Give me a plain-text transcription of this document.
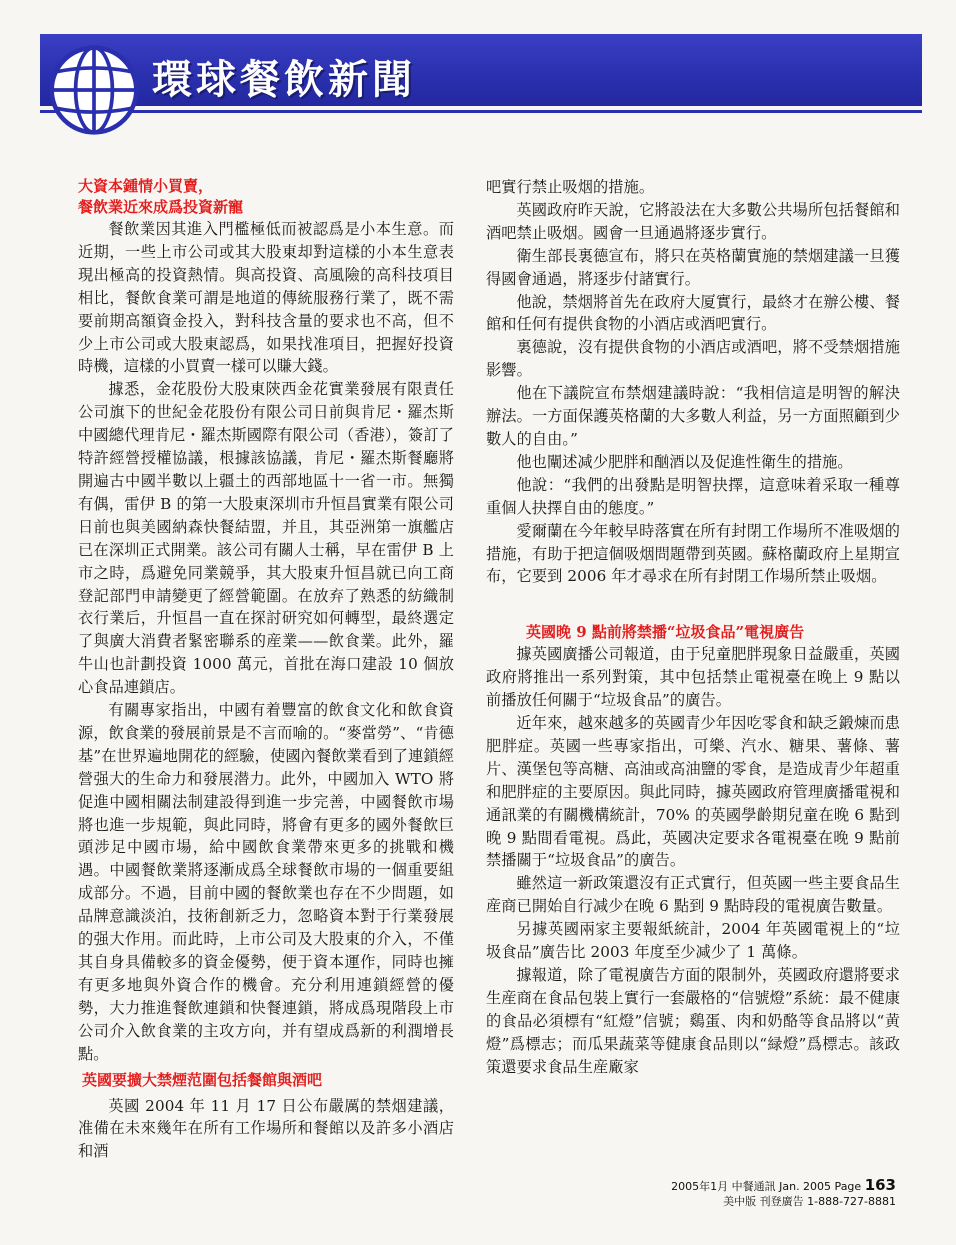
環球餐飲新聞
大資本鍾情小買賣，
餐飲業近來成爲投資新寵

餐飲業因其進入門檻極低而被認爲是小本生意。而近期，一些上市公司或其大股東却對這樣的小本生意表現出極高的投資熱情。與高投資、高風險的高科技項目相比，餐飲食業可謂是地道的傳統服務行業了，既不需要前期高額資金投入，對科技含量的要求也不高，但不少上市公司或大股東認爲，如果找准項目，把握好投資時機，這樣的小買賣一樣可以賺大錢。

據悉，金花股份大股東陝西金花實業發展有限責任公司旗下的世紀金花股份有限公司日前與肯尼・羅杰斯中國總代理肯尼・羅杰斯國際有限公司（香港），簽訂了特許經營授權協議，根據該協議，肯尼・羅杰斯餐廳將開遍古中國半數以上疆土的西部地區十一省一市。無獨有偶，雷伊 B 的第一大股東深圳市升恒昌實業有限公司日前也與美國納森快餐結盟，并且，其亞洲第一旗艦店已在深圳正式開業。該公司有關人士稱，早在雷伊 B 上市之時，爲避免同業競爭，其大股東升恒昌就已向工商登記部門申請變更了經營範圍。在放弃了熟悉的紡織制衣行業后，升恒昌一直在探討研究如何轉型，最終選定了與廣大消費者緊密聯系的産業——飲食業。此外，羅牛山也計劃投資 1000 萬元，首批在海口建設 10 個放心食品連鎖店。

有關專家指出，中國有着豐富的飲食文化和飲食資源，飲食業的發展前景是不言而喻的。“麥當勞”、“肯德基”在世界遍地開花的經驗，使國內餐飲業看到了連鎖經營强大的生命力和發展潜力。此外，中國加入 WTO 將促進中國相關法制建設得到進一步完善，中國餐飲市場將也進一步規範，與此同時，將會有更多的國外餐飲巨頭涉足中國市場，給中國飲食業帶來更多的挑戰和機遇。中國餐飲業將逐漸成爲全球餐飲市場的一個重要組成部分。不過，目前中國的餐飲業也存在不少問題，如品牌意識淡泊，技術創新乏力，忽略資本對于行業發展的强大作用。而此時，上市公司及大股東的介入，不僅其自身具備較多的資金優勢，便于資本運作，同時也擁有更多地與外資合作的機會。充分利用連鎖經營的優勢，大力推進餐飲連鎖和快餐連鎖，將成爲現階段上市公司介入飲食業的主攻方向，并有望成爲新的利潤增長點。

英國要擴大禁煙范圍包括餐館與酒吧

英國 2004 年 11 月 17 日公布嚴厲的禁烟建議，准備在未來幾年在所有工作場所和餐館以及許多小酒店和酒

吧實行禁止吸烟的措施。

英國政府昨天說，它將設法在大多數公共場所包括餐館和酒吧禁止吸烟。國會一旦通過將逐步實行。

衛生部長裏德宣布，將只在英格蘭實施的禁烟建議一旦獲得國會通過，將逐步付諸實行。

他說，禁烟將首先在政府大厦實行，最終才在辦公樓、餐館和任何有提供食物的小酒店或酒吧實行。

裏德說，沒有提供食物的小酒店或酒吧，將不受禁烟措施影響。

他在下議院宣布禁烟建議時說：“我相信這是明智的解決辦法。一方面保護英格蘭的大多數人利益，另一方面照顧到少數人的自由。”

他也闡述减少肥胖和酗酒以及促進性衛生的措施。

他說：“我們的出發點是明智抉擇，這意味着采取一種尊重個人抉擇自由的態度。”

愛爾蘭在今年較早時落實在所有封閉工作場所不准吸烟的措施，有助于把這個吸烟問題帶到英國。蘇格蘭政府上星期宣布，它要到 2006 年才尋求在所有封閉工作場所禁止吸烟。

英國晚 9 點前將禁播“垃圾食品”電視廣告

據英國廣播公司報道，由于兒童肥胖現象日益嚴重，英國政府將推出一系列對策，其中包括禁止電視臺在晚上 9 點以前播放任何關于“垃圾食品”的廣告。

近年來，越來越多的英國青少年因吃零食和缺乏鍛煉而患肥胖症。英國一些專家指出，可樂、汽水、糖果、薯條、薯片、漢堡包等高糖、高油或高油鹽的零食，是造成青少年超重和肥胖症的主要原因。與此同時，據英國政府管理廣播電視和通訊業的有關機構統計，70% 的英國學齡期兒童在晚 6 點到晚 9 點間看電視。爲此，英國决定要求各電視臺在晚 9 點前禁播關于“垃圾食品”的廣告。

雖然這一新政策還沒有正式實行，但英國一些主要食品生産商已開始自行减少在晚 6 點到 9 點時段的電視廣告數量。

另據英國兩家主要報紙統計，2004 年英國電視上的“垃圾食品”廣告比 2003 年度至少减少了 1 萬條。

據報道，除了電視廣告方面的限制外，英國政府還將要求生産商在食品包裝上實行一套嚴格的“信號燈”系統：最不健康的食品必須標有“紅燈”信號；鷄蛋、肉和奶酪等食品將以“黄燈”爲標志；而瓜果蔬菜等健康食品則以“緑燈”爲標志。該政策還要求食品生産廠家

2005年1月 中餐通訊 Jan. 2005 Page 163
美中版 刊登廣告 1-888-727-8881
